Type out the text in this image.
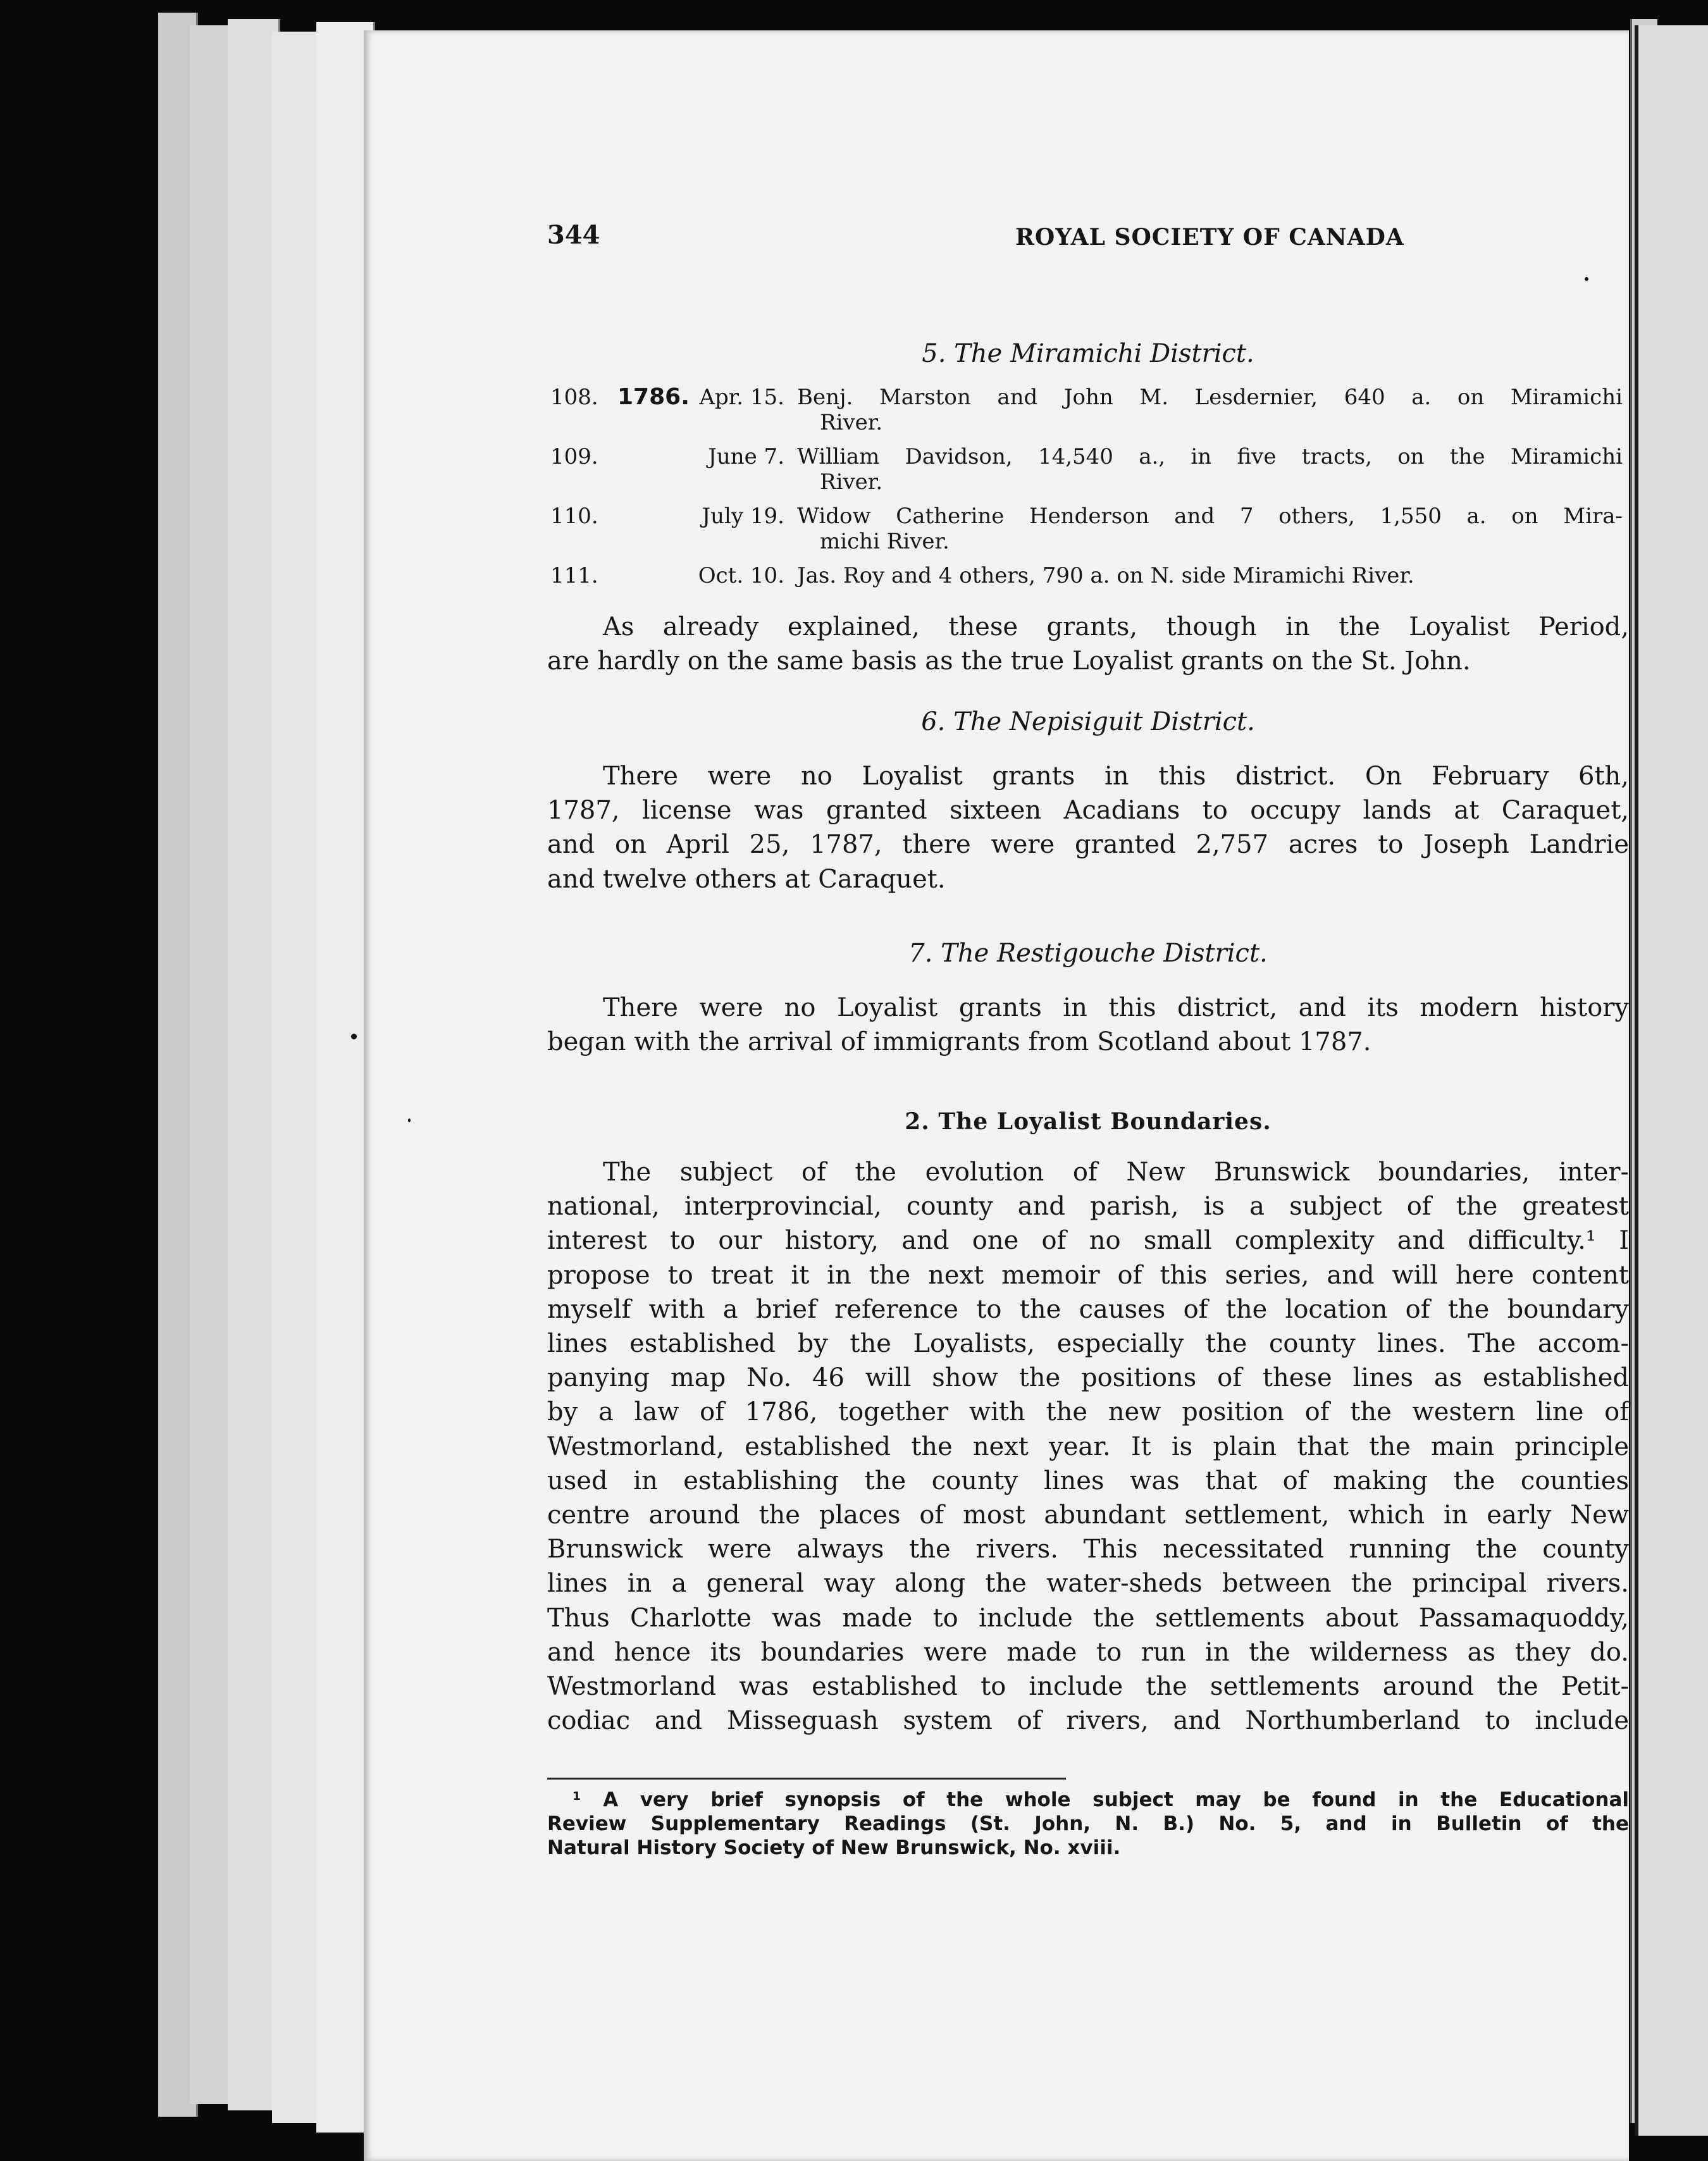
344	ROYAL SOCIETY OF CANADA
5. The Miramichi District.
108. 1786. Apr. 15. Benj. Marston and John M. Lesdernier, 640 a. on Miramichi
River.
109.	June 7. William Davidson, 14,540 a., in five tracts, on the Miramichi
River.
110.	July 19. Widow Catherine Henderson and 7 others, 1,550 a. on Mira-
michi River.
111.	Oct. 10. Jas. Roy and 4 others, 790 a. on N. side Miramichi River.
As already explained, these grants, though in the Loyalist Period,
are hardly on the same basis as the true Loyalist grants on the St. John.
6. The Nepisiguit District.
There were no Loyalist grants in this district. On February 6th,
1787, license was granted sixteen Acadians to occupy lands at Caraquet,
and on April 25, 1787, there were granted 2,757 acres to Joseph Landrie
and twelve others at Caraquet.
7. The Restigouche District.
There were no Loyalist grants in this district, and its modern history
began with the arrival of immigrants from Scotland about 1787.
2. The Loyalist Boundaries.
The subject of the evolution of New Brunswick boundaries, inter-
national, interprovincial, county and parish, is a subject of the greatest
interest to our history, and one of no small complexity and difficulty.¹ I
propose to treat it in the next memoir of this series, and will here content
myself with a brief reference to the causes of the location of the boundary
lines established by the Loyalists, especially the county lines. The accom-
panying map No. 46 will show the positions of these lines as established
by a law of 1786, together with the new position of the western line of
Westmorland, established the next year. It is plain that the main principle
used in establishing the county lines was that of making the counties
centre around the places of most abundant settlement, which in early New
Brunswick were always the rivers. This necessitated running the county
lines in a general way along the water-sheds between the principal rivers.
Thus Charlotte was made to include the settlements about Passamaquoddy,
and hence its boundaries were made to run in the wilderness as they do.
Westmorland was established to include the settlements around the Petit-
codiac and Misseguash system of rivers, and Northumberland to include
¹ A very brief synopsis of the whole subject may be found in the Educational
Review Supplementary Readings (St. John, N. B.) No. 5, and in Bulletin of the
Natural History Society of New Brunswick, No. xviii.
